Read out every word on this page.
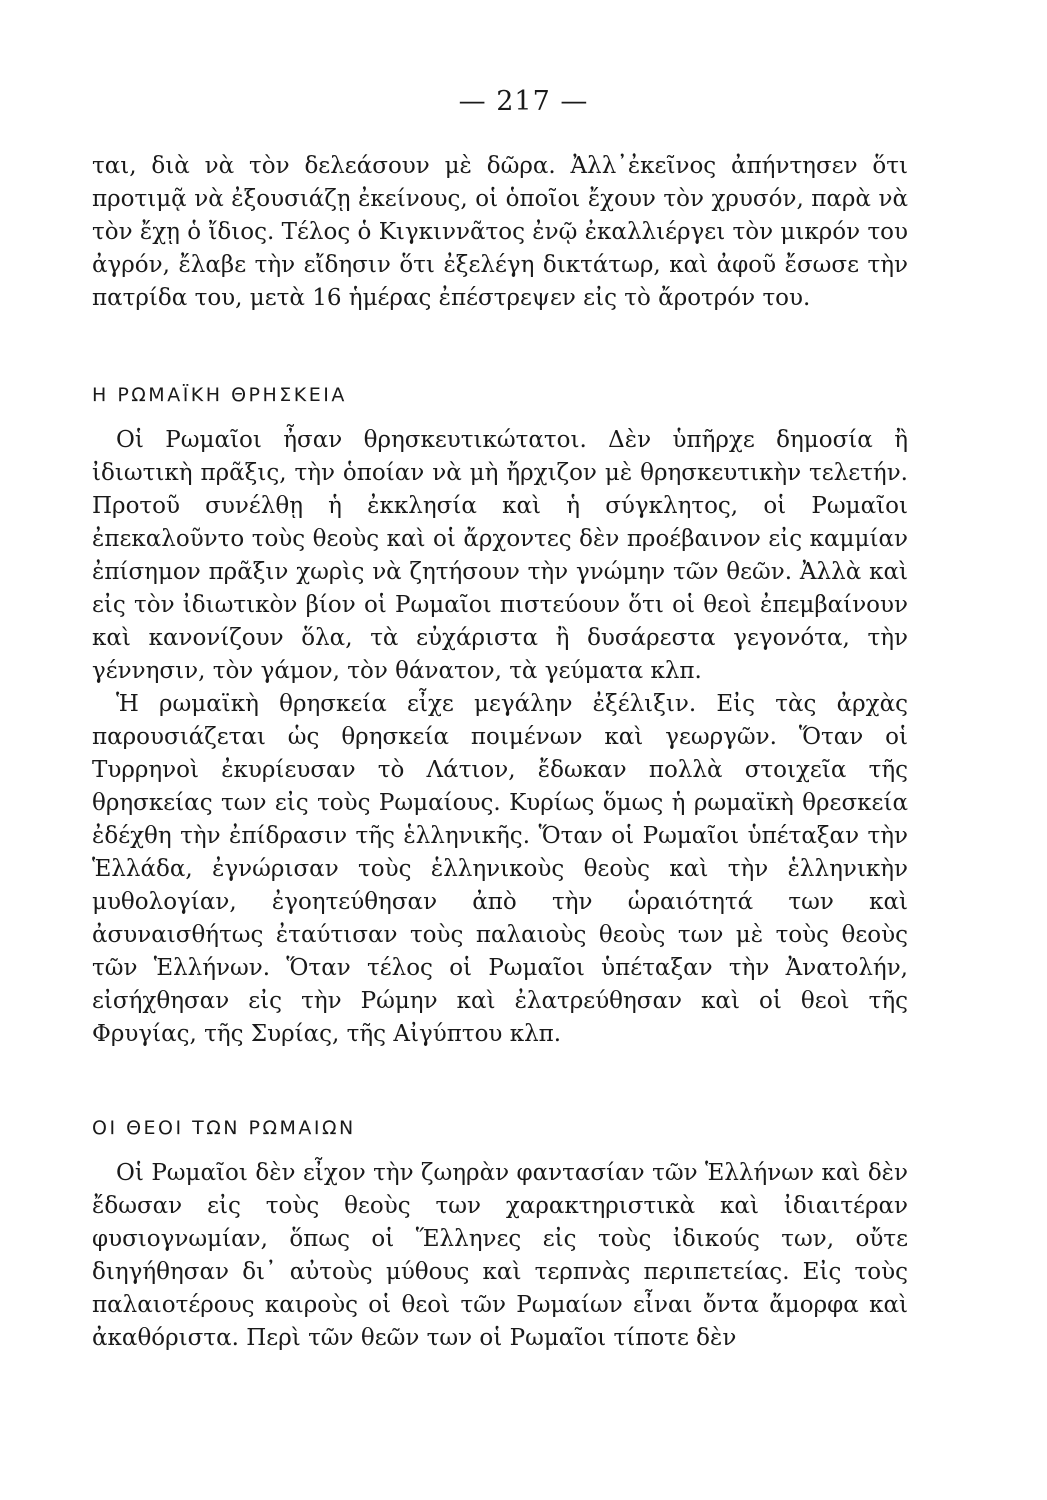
— 217 —

ται, διὰ νὰ τὸν δελεάσουν μὲ δῶρα. Ἀλλ᾿ἐκεῖνος ἀπήντησεν ὅτι προτιμᾷ νὰ ἐξουσιάζῃ ἐκείνους, οἱ ὁποῖοι ἔχουν τὸν χρυσόν, παρὰ νὰ τὸν ἔχῃ ὁ ἴδιος. Τέλος ὁ Κιγκιννᾶτος ἐνῷ ἐκαλλιέργει τὸν μικρόν του ἀγρόν, ἔλαβε τὴν εἴδησιν ὅτι ἐξελέγη δικτάτωρ, καὶ ἀφοῦ ἔσωσε τὴν πατρίδα του, μετὰ 16 ἡμέρας ἐπέστρεψεν εἰς τὸ ἄροτρόν του.

Η ΡΩΜΑΪΚΗ ΘΡΗΣΚΕΙΑ

Οἱ Ρωμαῖοι ἦσαν θρησκευτικώτατοι. Δὲν ὑπῆρχε δημοσία ἢ ἰδιωτικὴ πρᾶξις, τὴν ὁποίαν νὰ μὴ ἤρχιζον μὲ θρησκευτικὴν τελετήν. Προτοῦ συνέλθῃ ἡ ἐκκλησία καὶ ἡ σύγκλητος, οἱ Ρωμαῖοι ἐπεκαλοῦντο τοὺς θεοὺς καὶ οἱ ἄρχοντες δὲν προέβαινον εἰς καμμίαν ἐπίσημον πρᾶξιν χωρὶς νὰ ζητήσουν τὴν γνώμην τῶν θεῶν. Ἀλλὰ καὶ εἰς τὸν ἰδιωτικὸν βίον οἱ Ρωμαῖοι πιστεύουν ὅτι οἱ θεοὶ ἐπεμβαίνουν καὶ κανονίζουν ὅλα, τὰ εὐχάριστα ἢ δυσάρεστα γεγονότα, τὴν γέννησιν, τὸν γάμον, τὸν θάνατον, τὰ γεύματα κλπ.

Ἡ ρωμαϊκὴ θρησκεία εἶχε μεγάλην ἐξέλιξιν. Εἰς τὰς ἀρχὰς παρουσιάζεται ὡς θρησκεία ποιμένων καὶ γεωργῶν. Ὅταν οἱ Τυρρηνοὶ ἐκυρίευσαν τὸ Λάτιον, ἔδωκαν πολλὰ στοιχεῖα τῆς θρησκείας των εἰς τοὺς Ρωμαίους. Κυρίως ὅμως ἡ ρωμαϊκὴ θρεσκεία ἐδέχθη τὴν ἐπίδρασιν τῆς ἑλληνικῆς. Ὅταν οἱ Ρωμαῖοι ὑπέταξαν τὴν Ἑλλάδα, ἐγνώρισαν τοὺς ἑλληνικοὺς θεοὺς καὶ τὴν ἑλληνικὴν μυθολογίαν, ἐγοητεύθησαν ἀπὸ τὴν ὡραιότητά των καὶ ἀσυναισθήτως ἐταύτισαν τοὺς παλαιοὺς θεοὺς των μὲ τοὺς θεοὺς τῶν Ἑλλήνων. Ὅταν τέλος οἱ Ρωμαῖοι ὑπέταξαν τὴν Ἀνατολήν, εἰσήχθησαν εἰς τὴν Ρώμην καὶ ἐλατρεύθησαν καὶ οἱ θεοὶ τῆς Φρυγίας, τῆς Συρίας, τῆς Αἰγύπτου κλπ.

ΟΙ ΘΕΟΙ ΤΩΝ ΡΩΜΑΙΩΝ

Οἱ Ρωμαῖοι δὲν εἶχον τὴν ζωηρὰν φαντασίαν τῶν Ἑλλήνων καὶ δὲν ἔδωσαν εἰς τοὺς θεοὺς των χαρακτηριστικὰ καὶ ἰδιαιτέραν φυσιογνωμίαν, ὅπως οἱ Ἕλληνες εἰς τοὺς ἰδικούς των, οὔτε διηγήθησαν δι᾿ αὐτοὺς μύθους καὶ τερπνὰς περιπετείας. Εἰς τοὺς παλαιοτέρους καιροὺς οἱ θεοὶ τῶν Ρωμαίων εἶναι ὄντα ἄμορφα καὶ ἀκαθόριστα. Περὶ τῶν θεῶν των οἱ Ρωμαῖοι τίποτε δὲν
